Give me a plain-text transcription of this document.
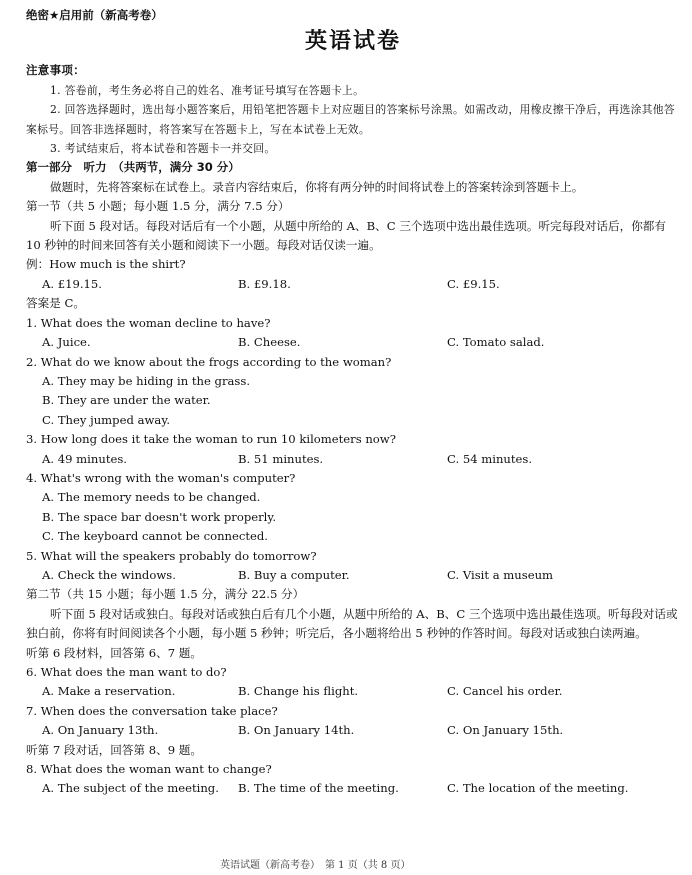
绝密★启用前（新高考卷）
英语试卷
注意事项：
1. 答卷前，考生务必将自己的姓名、准考证号填写在答题卡上。
2. 回答选择题时，选出每小题答案后，用铅笔把答题卡上对应题目的答案标号涂黑。如需改动，用橡皮擦干净后，再选涂其他答案标号。回答非选择题时，将答案写在答题卡上，写在本试卷上无效。
3. 考试结束后，将本试卷和答题卡一并交回。
第一部分　听力　（共两节，满分 30 分）
做题时，先将答案标在试卷上。录音内容结束后，你将有两分钟的时间将试卷上的答案转涂到答题卡上。
第一节（共 5 小题；每小题 1.5 分，满分 7.5 分）
听下面 5 段对话。每段对话后有一个小题，从题中所给的 A、B、C 三个选项中选出最佳选项。听完每段对话后，你都有 10 秒钟的时间来回答有关小题和阅读下一小题。每段对话仅读一遍。
例：How much is the shirt?
A. £19.15.	B. £9.18.	C. £9.15.
答案是 C。
1. What does the woman decline to have?
A. Juice.	B. Cheese.	C. Tomato salad.
2. What do we know about the frogs according to the woman?
A. They may be hiding in the grass.
B. They are under the water.
C. They jumped away.
3. How long does it take the woman to run 10 kilometers now?
A. 49 minutes.	B. 51 minutes.	C. 54 minutes.
4. What's wrong with the woman's computer?
A. The memory needs to be changed.
B. The space bar doesn't work properly.
C. The keyboard cannot be connected.
5. What will the speakers probably do tomorrow?
A. Check the windows.	B. Buy a computer.	C. Visit a museum
第二节（共 15 小题；每小题 1.5 分，满分 22.5 分）
听下面 5 段对话或独白。每段对话或独白后有几个小题，从题中所给的 A、B、C 三个选项中选出最佳选项。听每段对话或独白前，你将有时间阅读各个小题，每小题 5 秒钟；听完后，各小题将给出 5 秒钟的作答时间。每段对话或独白读两遍。
听第 6 段材料，回答第 6、7 题。
6. What does the man want to do?
A. Make a reservation.	B. Change his flight.	C. Cancel his order.
7. When does the conversation take place?
A. On January 13th.	B. On January 14th.	C. On January 15th.
听第 7 段对话，回答第 8、9 题。
8. What does the woman want to change?
A. The subject of the meeting.	B. The time of the meeting.	C. The location of the meeting.
英语试题（新高考卷）　第 1 页（共 8 页）
